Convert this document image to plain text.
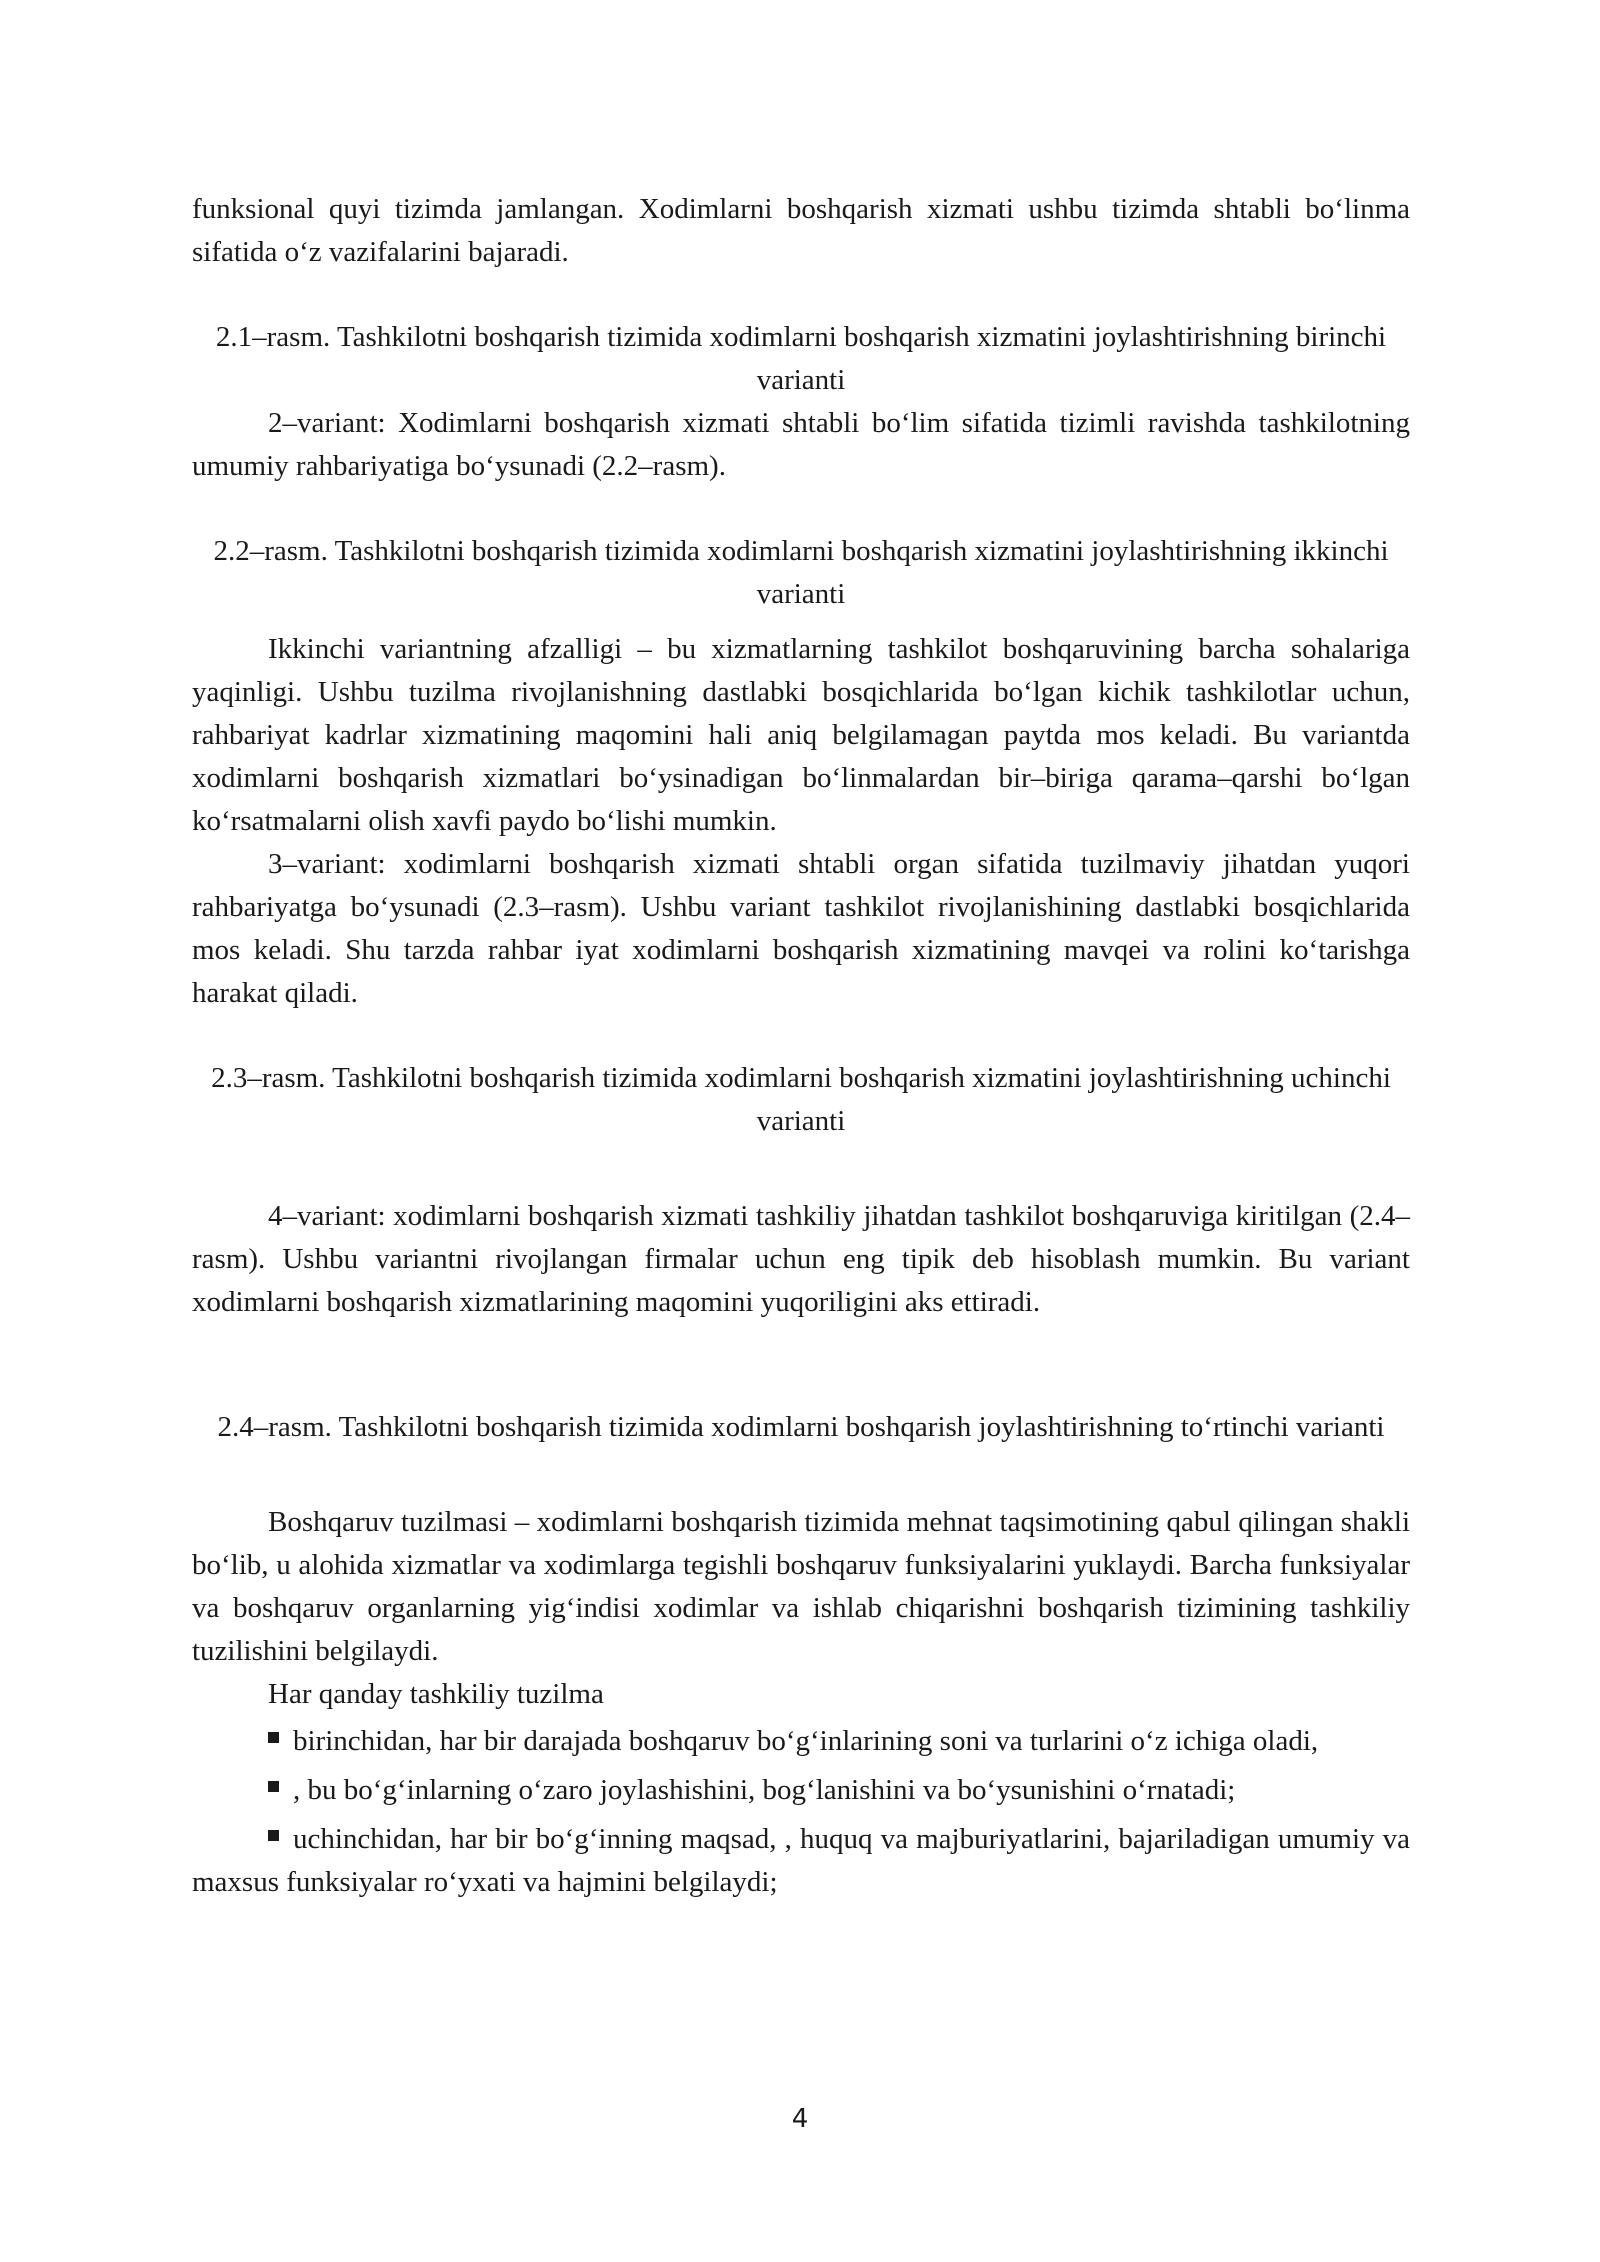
funksional quyi tizimda jamlangan. Xodimlarni boshqarish xizmati ushbu tizimda shtabli bo‘linma sifatida o‘z vazifalarini bajaradi.

2.1–rasm. Tashkilotni boshqarish tizimida xodimlarni boshqarish xizmatini joylashtirishning birinchi varianti

2–variant: Xodimlarni boshqarish xizmati shtabli bo‘lim sifatida tizimli ravishda tashkilotning umumiy rahbariyatiga bo‘ysunadi (2.2–rasm).

2.2–rasm. Tashkilotni boshqarish tizimida xodimlarni boshqarish xizmatini joylashtirishning ikkinchi varianti

Ikkinchi variantning afzalligi – bu xizmatlarning tashkilot boshqaruvining barcha sohalariga yaqinligi. Ushbu tuzilma rivojlanishning dastlabki bosqichlarida bo‘lgan kichik tashkilotlar uchun, rahbariyat kadrlar xizmatining maqomini hali aniq belgilamagan paytda mos keladi. Bu variantda xodimlarni boshqarish xizmatlari bo‘ysinadigan bo‘linmalardan bir–biriga qarama–qarshi bo‘lgan ko‘rsatmalarni olish xavfi paydo bo‘lishi mumkin.

3–variant: xodimlarni boshqarish xizmati shtabli organ sifatida tuzilmaviy jihatdan yuqori rahbariyatga bo‘ysunadi (2.3–rasm). Ushbu variant tashkilot rivojlanishining dastlabki bosqichlarida mos keladi. Shu tarzda rahbar iyat xodimlarni boshqarish xizmatining mavqei va rolini ko‘tarishga harakat qiladi.

2.3–rasm. Tashkilotni boshqarish tizimida xodimlarni boshqarish xizmatini joylashtirishning uchinchi varianti

4–variant: xodimlarni boshqarish xizmati tashkiliy jihatdan tashkilot boshqaruviga kiritilgan (2.4–rasm). Ushbu variantni rivojlangan firmalar uchun eng tipik deb hisoblash mumkin. Bu variant xodimlarni boshqarish xizmatlarining maqomini yuqoriligini aks ettiradi.

2.4–rasm. Tashkilotni boshqarish tizimida xodimlarni boshqarish joylashtirishning to‘rtinchi varianti

Boshqaruv tuzilmasi – xodimlarni boshqarish tizimida mehnat taqsimotining qabul qilingan shakli bo‘lib, u alohida xizmatlar va xodimlarga tegishli boshqaruv funksiyalarini yuklaydi. Barcha funksiyalar va boshqaruv organlarning yig‘indisi xodimlar va ishlab chiqarishni boshqarish tizimining tashkiliy tuzilishini belgilaydi.

Har qanday tashkiliy tuzilma

birinchidan, har bir darajada boshqaruv bo‘g‘inlarining soni va turlarini o‘z ichiga oladi,

, bu bo‘g‘inlarning o‘zaro joylashishini, bog‘lanishini va bo‘ysunishini o‘rnatadi;

uchinchidan, har bir bo‘g‘inning maqsad, , huquq va majburiyatlarini, bajariladigan umumiy va maxsus funksiyalar ro‘yxati va hajmini belgilaydi;

4
